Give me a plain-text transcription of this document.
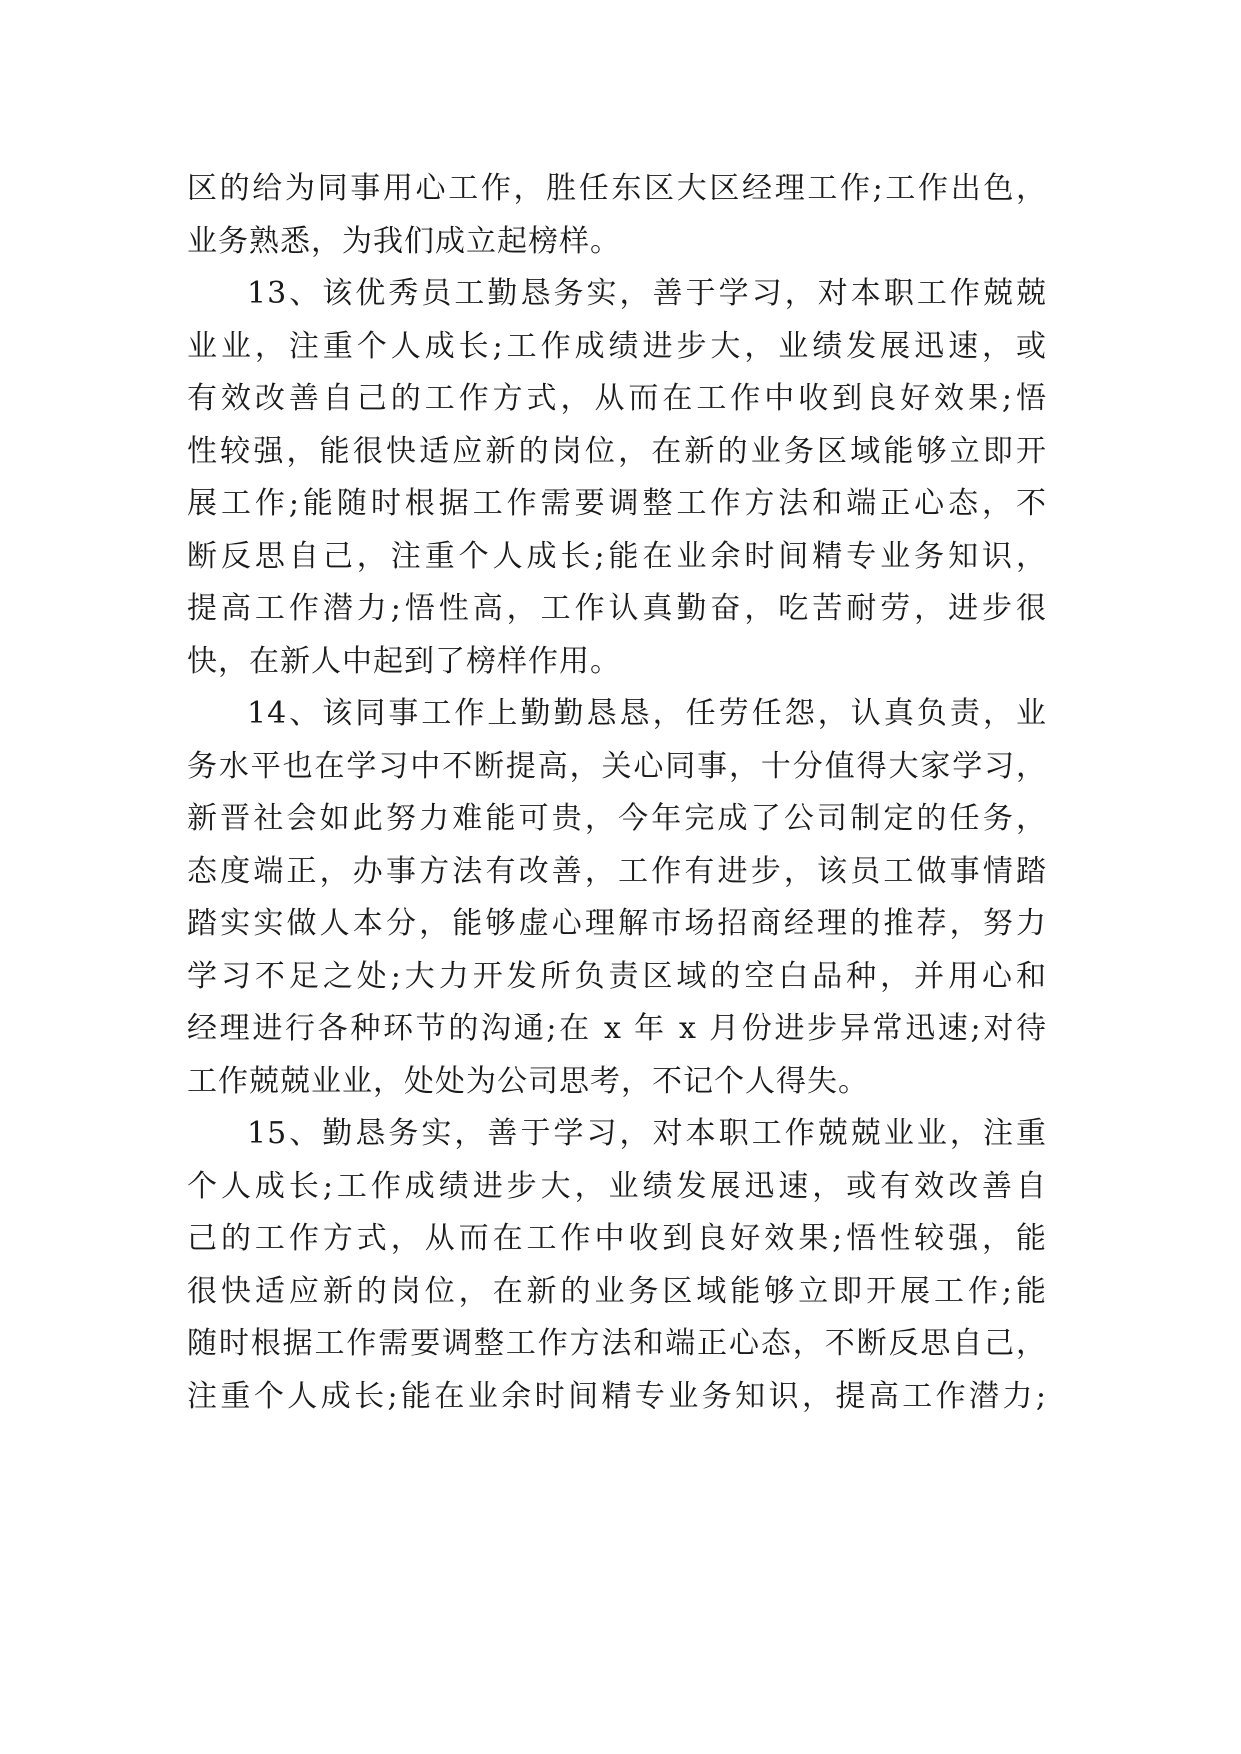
区的给为同事用心工作，胜任东区大区经理工作;工作出色，
业务熟悉，为我们成立起榜样。
13、该优秀员工勤恳务实，善于学习，对本职工作兢兢
业业，注重个人成长;工作成绩进步大，业绩发展迅速，或
有效改善自己的工作方式，从而在工作中收到良好效果;悟
性较强，能很快适应新的岗位，在新的业务区域能够立即开
展工作;能随时根据工作需要调整工作方法和端正心态，不
断反思自己，注重个人成长;能在业余时间精专业务知识，
提高工作潜力;悟性高，工作认真勤奋，吃苦耐劳，进步很
快，在新人中起到了榜样作用。
14、该同事工作上勤勤恳恳，任劳任怨，认真负责，业
务水平也在学习中不断提高，关心同事，十分值得大家学习，
新晋社会如此努力难能可贵，今年完成了公司制定的任务，
态度端正，办事方法有改善，工作有进步，该员工做事情踏
踏实实做人本分，能够虚心理解市场招商经理的推荐，努力
学习不足之处;大力开发所负责区域的空白品种，并用心和
经理进行各种环节的沟通;在 x 年 x 月份进步异常迅速;对待
工作兢兢业业，处处为公司思考，不记个人得失。
15、勤恳务实，善于学习，对本职工作兢兢业业，注重
个人成长;工作成绩进步大，业绩发展迅速，或有效改善自
己的工作方式，从而在工作中收到良好效果;悟性较强，能
很快适应新的岗位，在新的业务区域能够立即开展工作;能
随时根据工作需要调整工作方法和端正心态，不断反思自己，
注重个人成长;能在业余时间精专业务知识，提高工作潜力;
